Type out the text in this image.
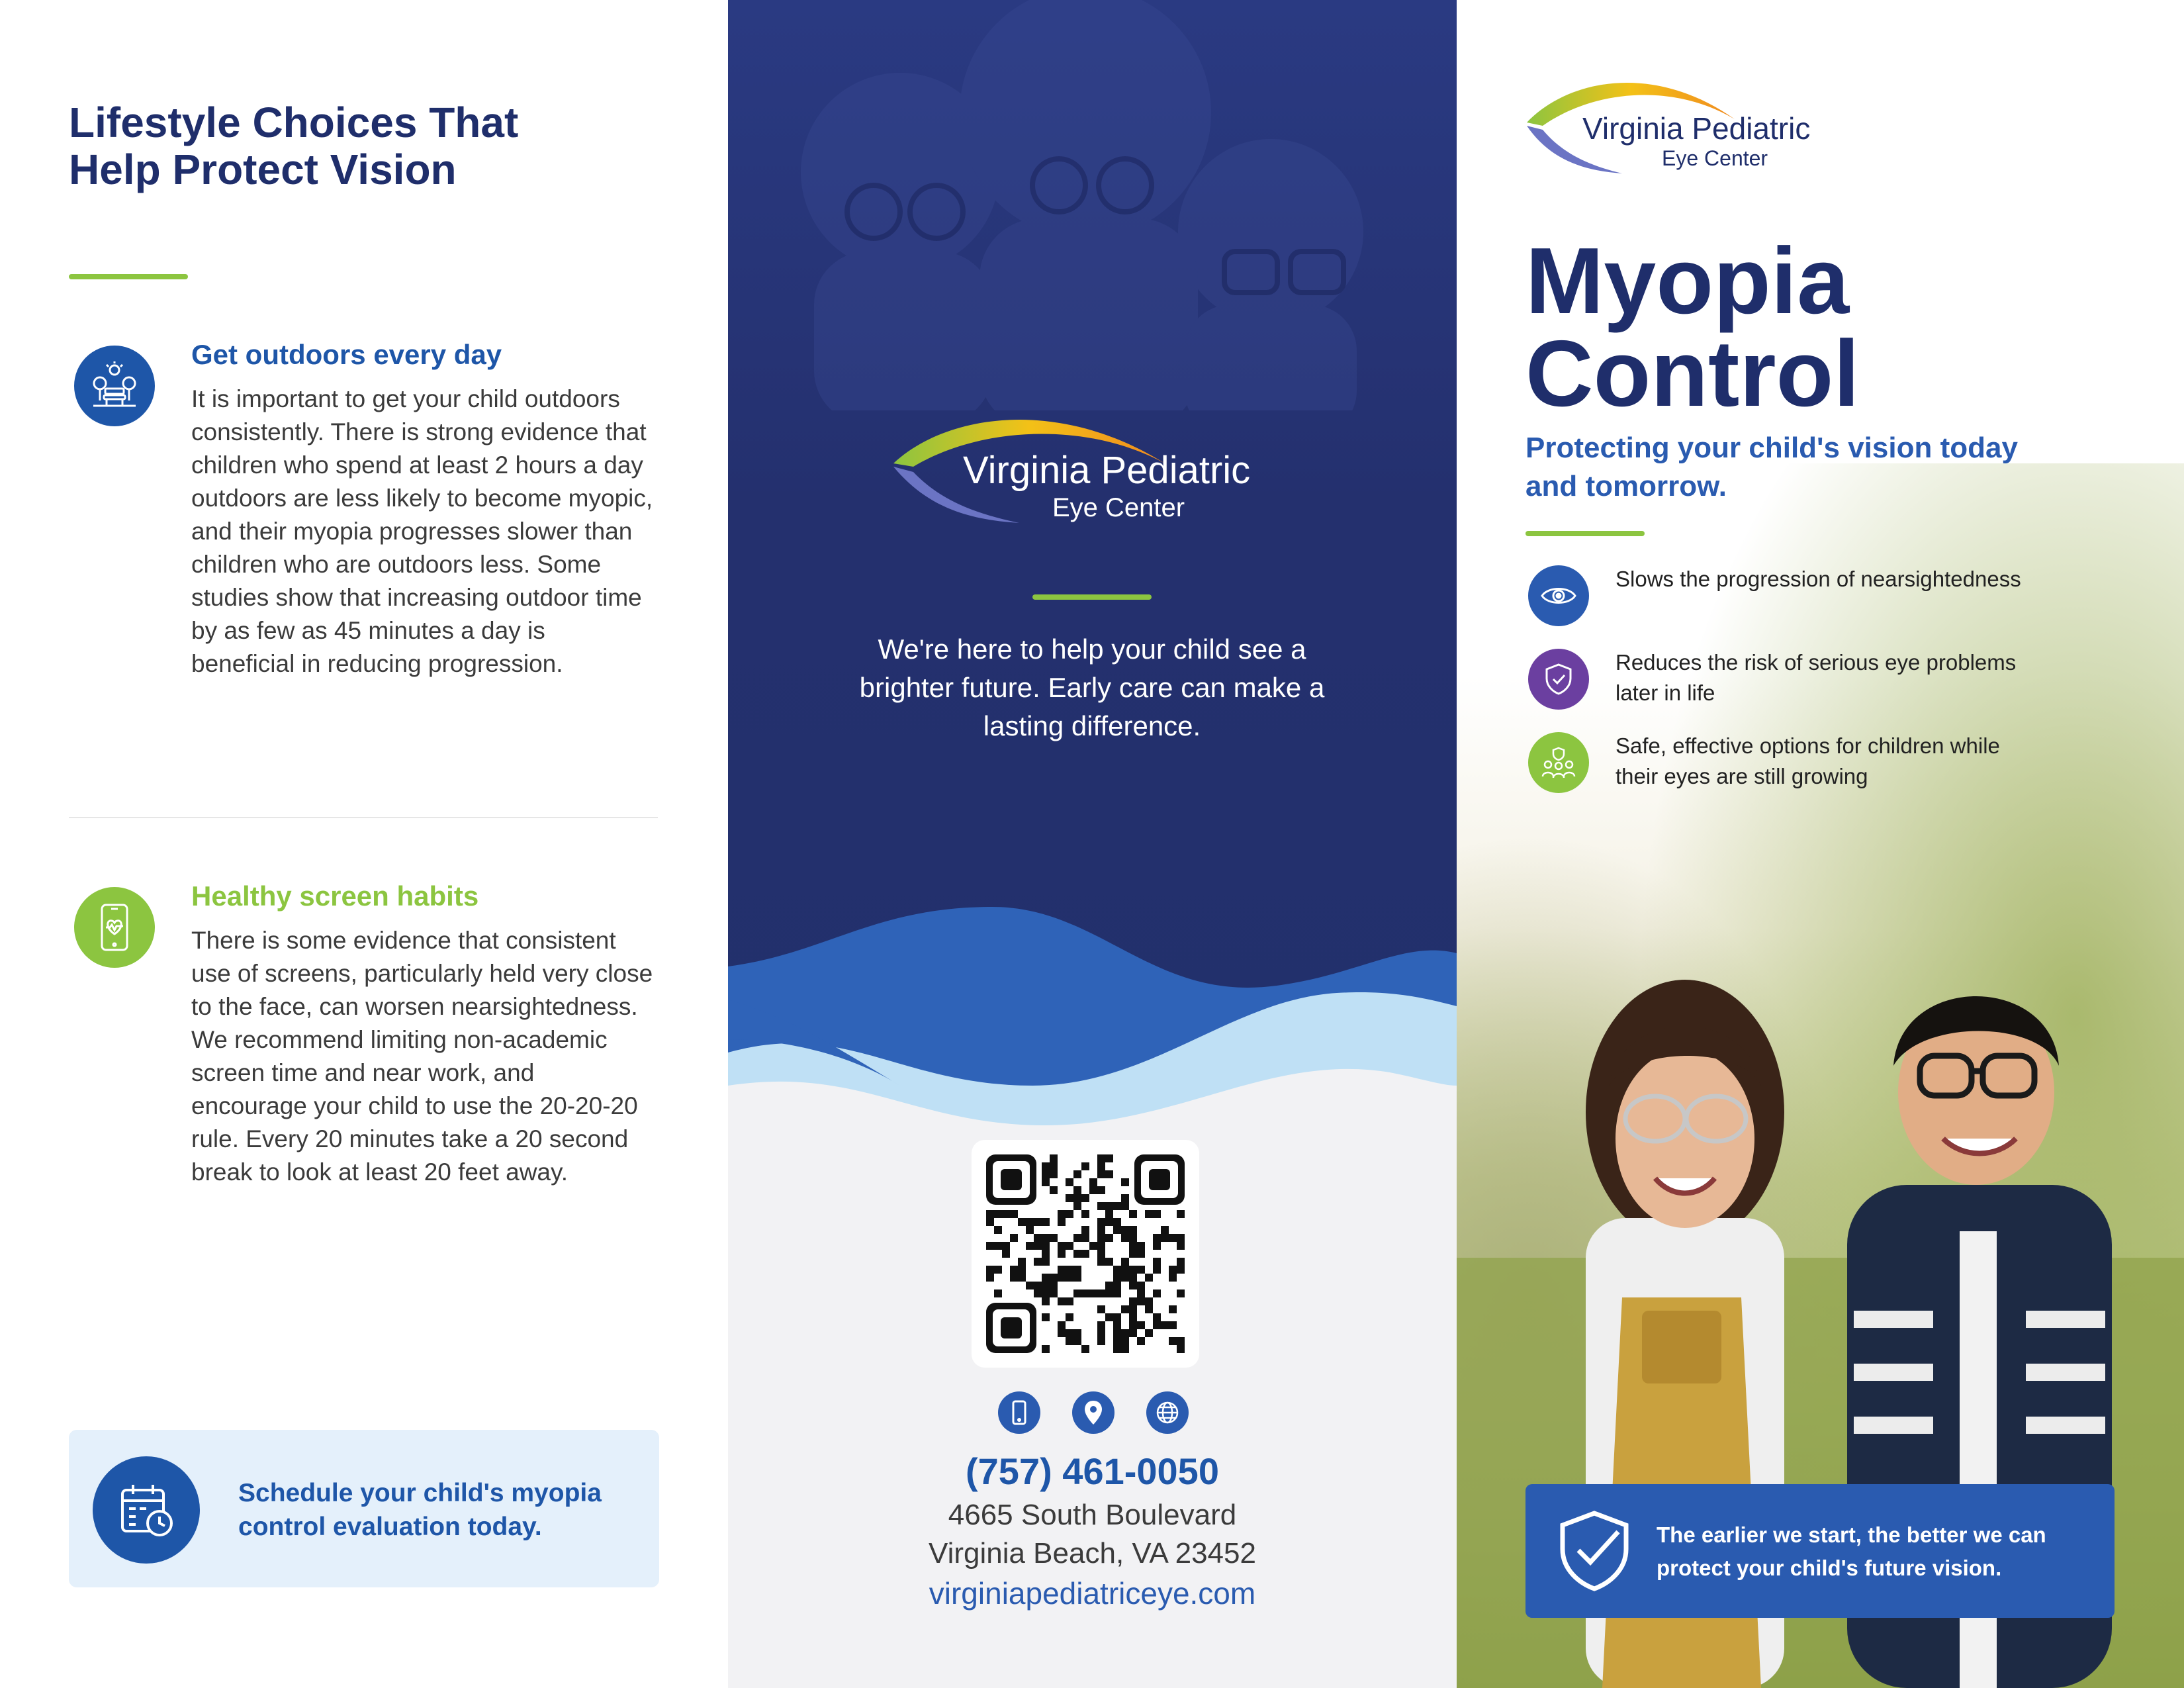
Lifestyle Choices That Help Protect Vision
Get outdoors every day

It is important to get your child outdoors consistently. There is strong evidence that children who spend at least 2 hours a day outdoors are less likely to become myopic, and their myopia progresses slower than children who are outdoors less. Some studies show that increasing outdoor time by as few as 45 minutes a day is beneficial in reducing progression.

Healthy screen habits

There is some evidence that consistent use of screens, particularly held very close to the face, can worsen nearsightedness. We recommend limiting non-academic screen time and near work, and encourage your child to use the 20-20-20 rule. Every 20 minutes take a 20 second break to look at least 20 feet away.

Schedule your child's myopia control evaluation today.

Virginia Pediatric
Eye Center

We're here to help your child see a brighter future. Early care can make a lasting difference.

(757) 461-0050
4665 South Boulevard
Virginia Beach, VA 23452
virginiapediatriceye.com
Virginia Pediatric
Eye Center
Myopia
Control

Protecting your child's vision today and tomorrow.

Slows the progression of nearsightedness

Reduces the risk of serious eye problems later in life

Safe, effective options for children while their eyes are still growing

The earlier we start, the better we can protect your child's future vision.
